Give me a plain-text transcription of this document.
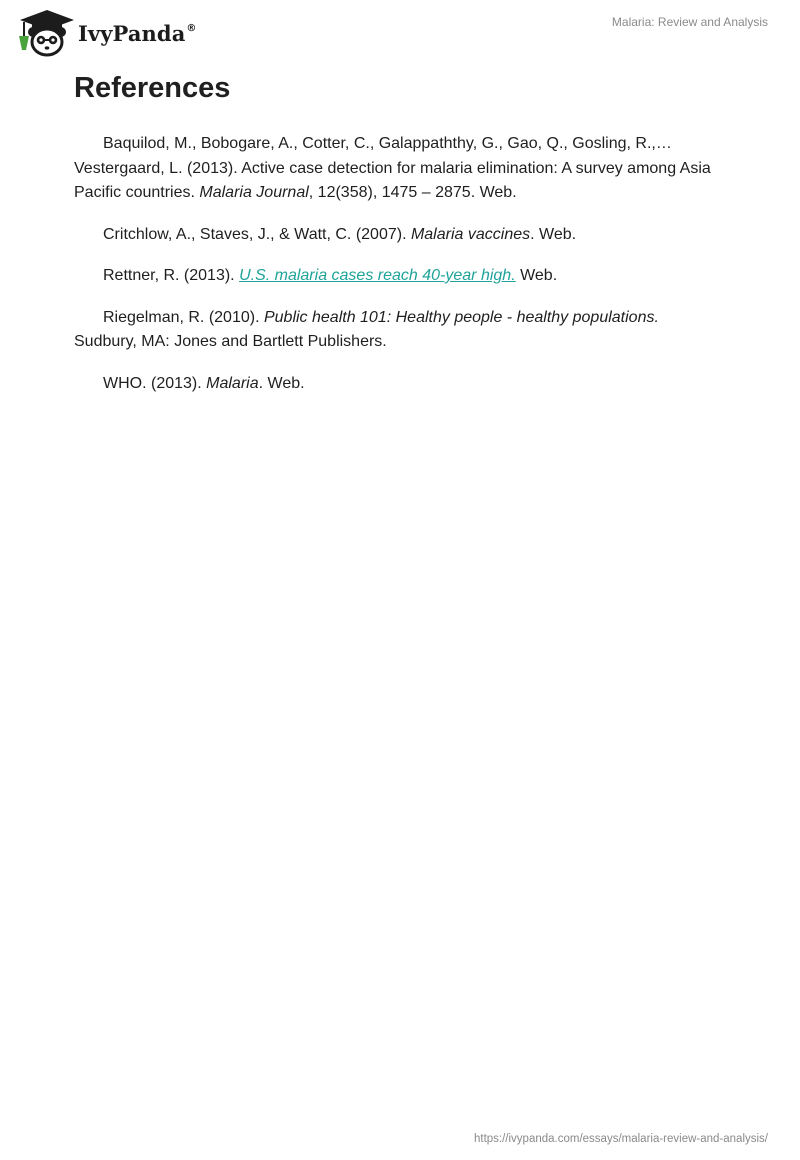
IvyPanda®	Malaria: Review and Analysis
References

Baquilod, M., Bobogare, A., Cotter, C., Galappaththy, G., Gao, Q., Gosling, R.,… Vestergaard, L. (2013). Active case detection for malaria elimination: A survey among Asia Pacific countries. Malaria Journal, 12(358), 1475 – 2875. Web.

Critchlow, A., Staves, J., & Watt, C. (2007). Malaria vaccines. Web.

Rettner, R. (2013). U.S. malaria cases reach 40-year high. Web.

Riegelman, R. (2010). Public health 101: Healthy people - healthy populations. Sudbury, MA: Jones and Bartlett Publishers.

WHO. (2013). Malaria. Web.

https://ivypanda.com/essays/malaria-review-and-analysis/
